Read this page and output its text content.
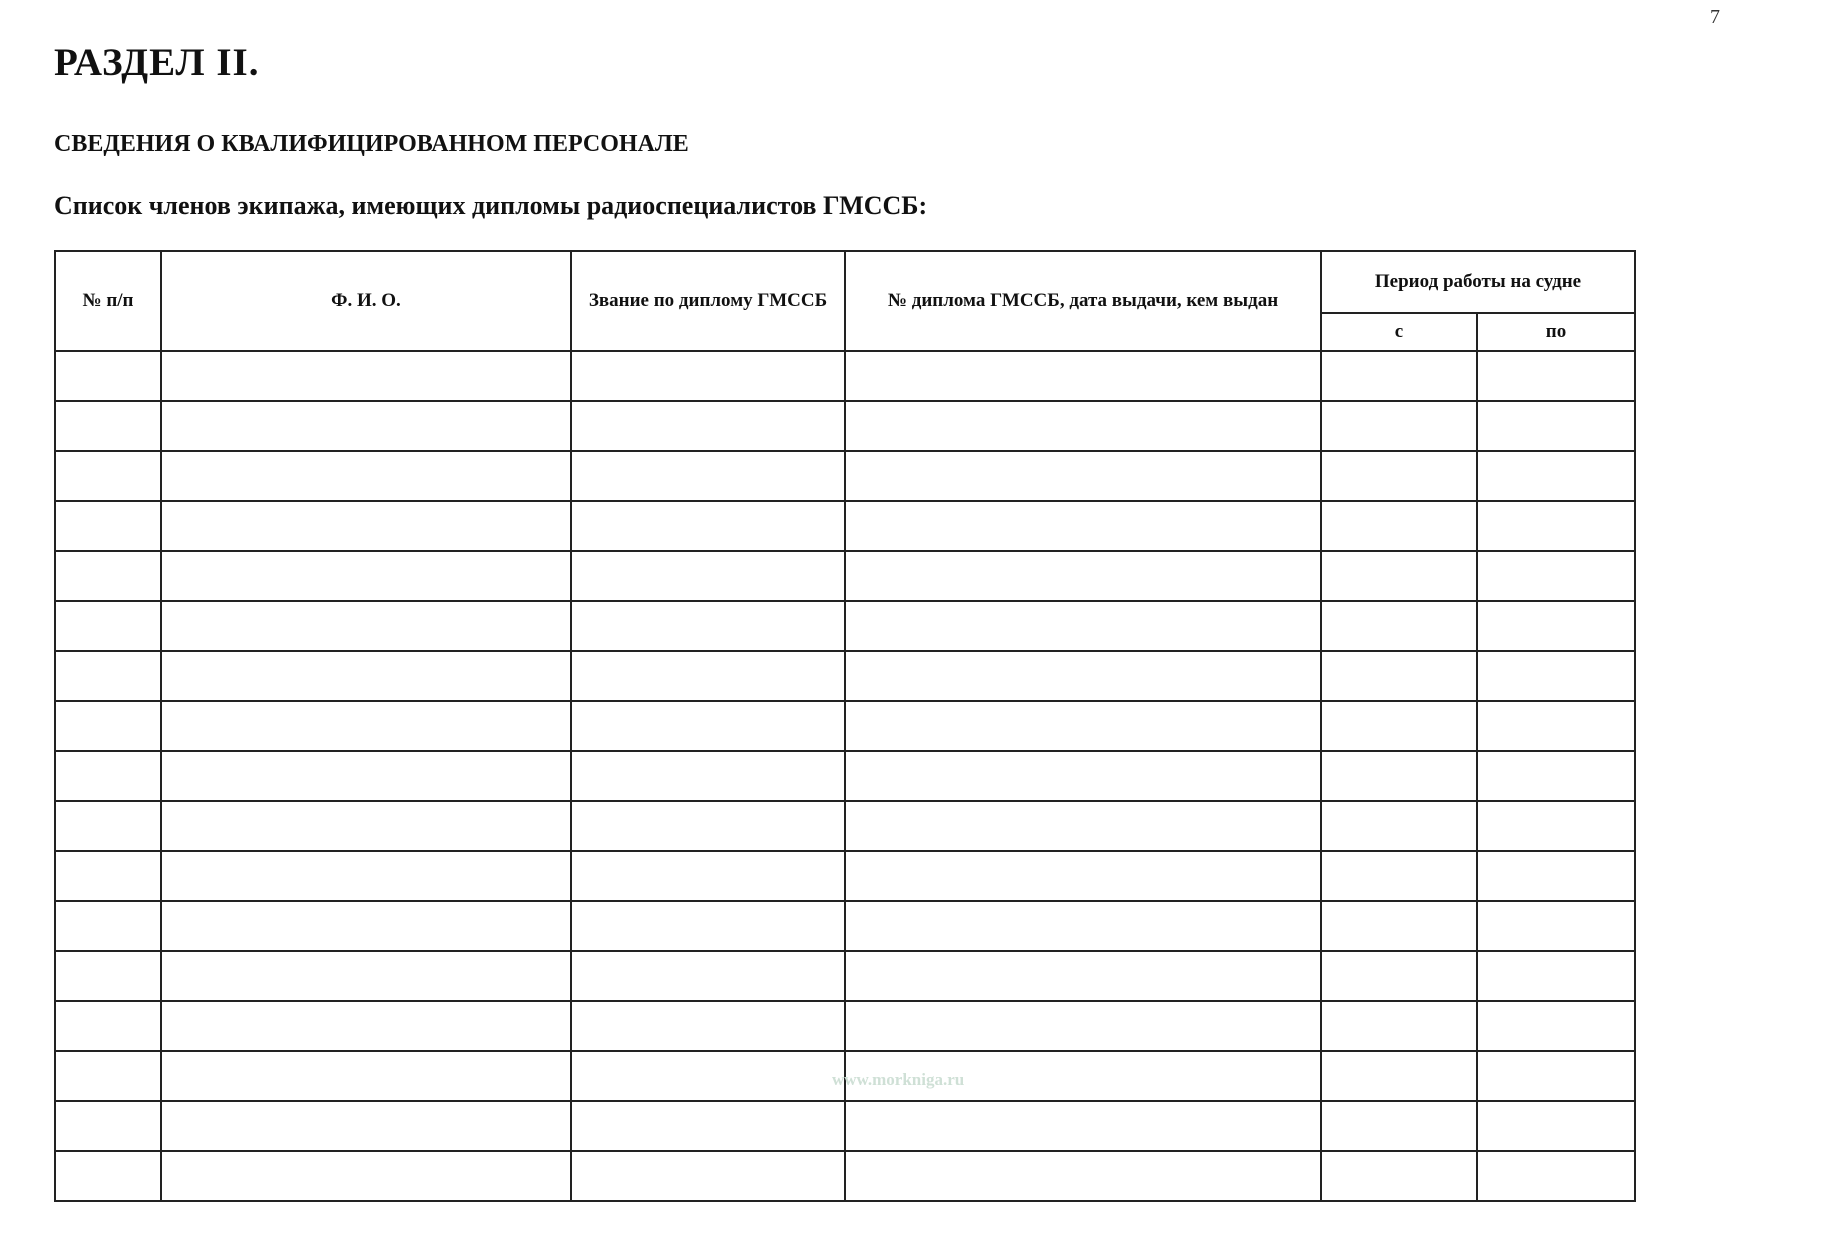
7
РАЗДЕЛ II.
СВЕДЕНИЯ О КВАЛИФИЦИРОВАННОМ ПЕРСОНАЛЕ
Список членов экипажа, имеющих дипломы радиоспециалистов ГМССБ:
№ п/п	Ф. И. О.	Звание по диплому ГМССБ	№ диплома ГМССБ, дата выдачи, кем выдан	Период работы на судне	
				с	по

www.morkniga.ru
